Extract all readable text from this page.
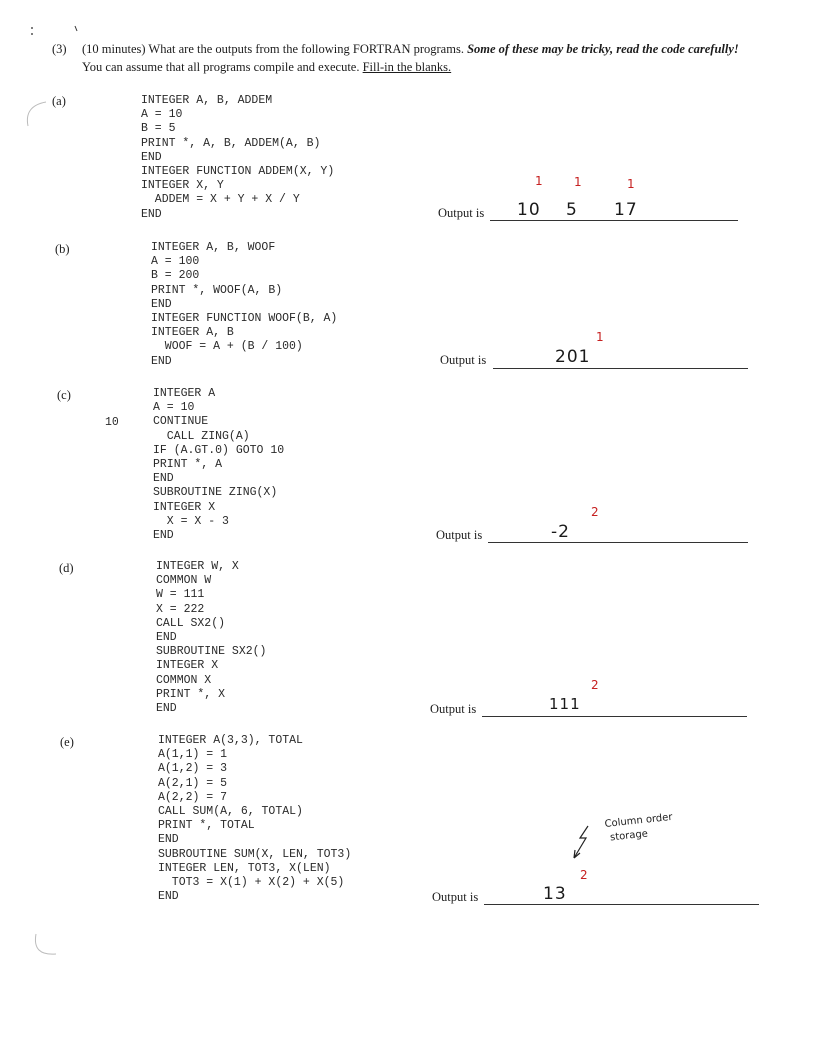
(3) (10 minutes) What are the outputs from the following FORTRAN programs. Some of these may be tricky, read the code carefully! You can assume that all programs compile and execute. Fill-in the blanks.
(a)	INTEGER A, B, ADDEM
A = 10
B = 5
PRINT *, A, B, ADDEM(A, B)
END
INTEGER FUNCTION ADDEM(X, Y)
INTEGER X, Y
ADDEM = X + Y + X / Y
END	Output is 10 5 17
1	1	1
(b)	INTEGER A, B, WOOF
A = 100
B = 200
PRINT *, WOOF(A, B)
END
INTEGER FUNCTION WOOF(B, A)
INTEGER A, B
WOOF = A + (B / 100)
END	Output is	201
1
(c)
10
INTEGER A
A = 10
CONTINUE
CALL ZING(A)
IF (A.GT.0) GOTO 10
PRINT *, A
END
SUBROUTINE ZING(X)
INTEGER X
X = X - 3
END	Output is	-2
2
(d)	INTEGER W, X
COMMON W
W = 111
X = 222
CALL SX2()
END
SUBROUTINE SX2()
INTEGER X
COMMON X
PRINT *, X
END	Output is	111
2
(e)	INTEGER A(3,3), TOTAL
A(1,1) = 1
A(1,2) = 3
A(2,1) = 5
A(2,2) = 7
CALL SUM(A, 6, TOTAL)
PRINT *, TOTAL
END
SUBROUTINE SUM(X, LEN, TOT3)
INTEGER LEN, TOT3, X(LEN)
TOT3 = X(1) + X(2) + X(5)
END	Output is	13
2
Column order
storage
